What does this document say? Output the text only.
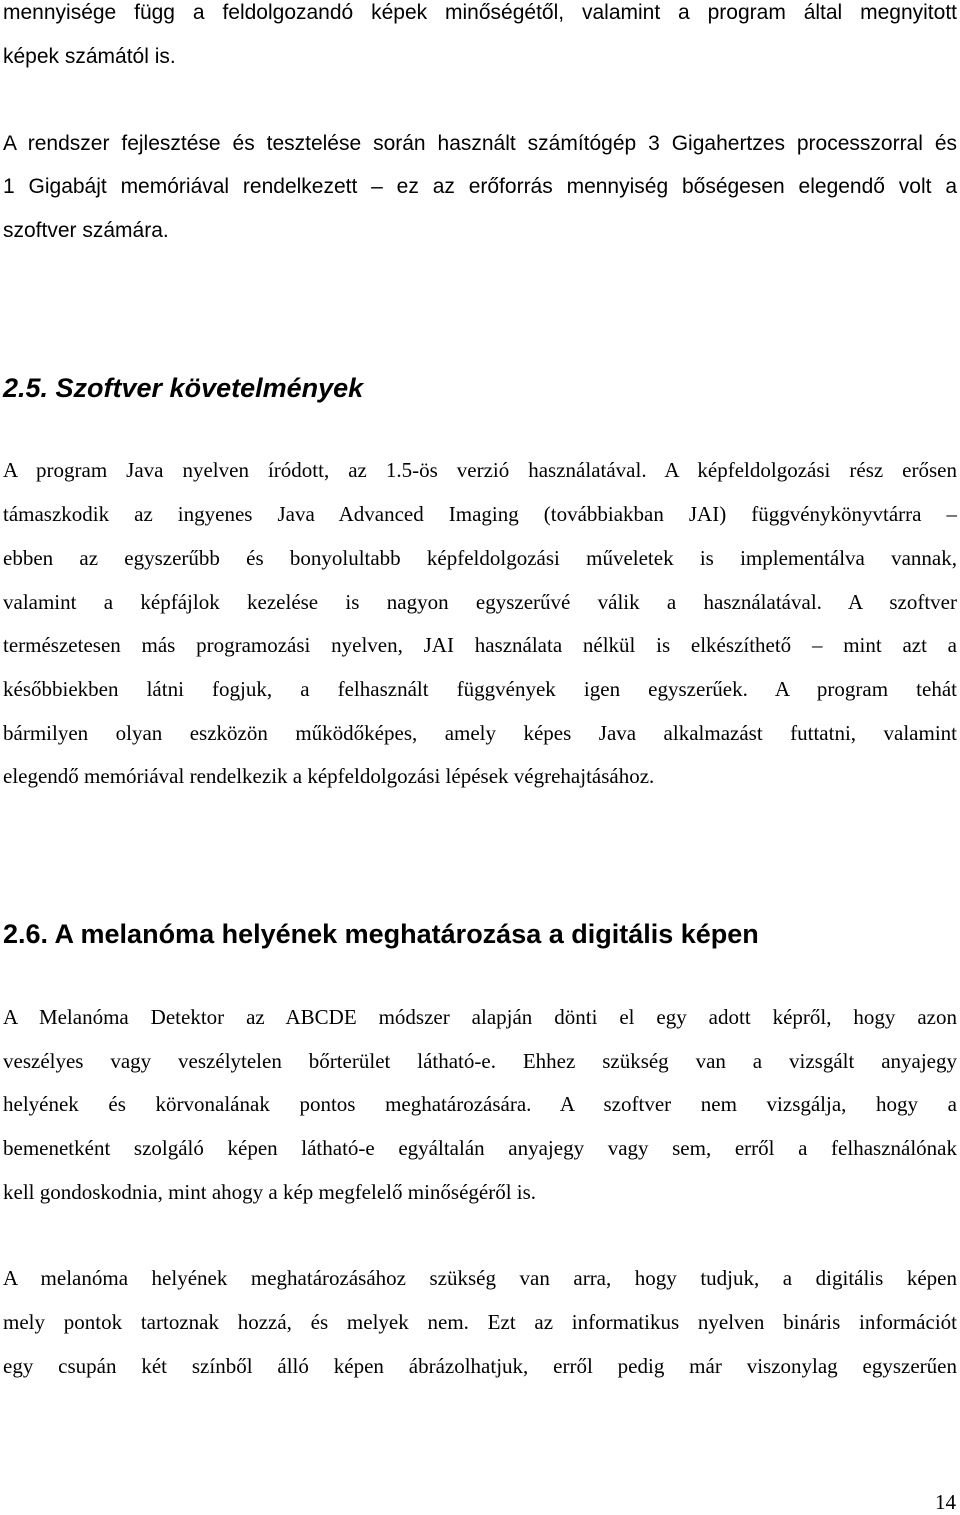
mennyisége függ a feldolgozandó képek minőségétől, valamint a program által megnyitott
képek számától is.
A rendszer fejlesztése és tesztelése során használt számítógép 3 Gigahertzes processzorral és
1 Gigabájt memóriával rendelkezett – ez az erőforrás mennyiség bőségesen elegendő volt a
szoftver számára.
2.5. Szoftver követelmények
A program Java nyelven íródott, az 1.5-ös verzió használatával. A képfeldolgozási rész erősen
támaszkodik az ingyenes Java Advanced Imaging (továbbiakban JAI) függvénykönyvtárra –
ebben az egyszerűbb és bonyolultabb képfeldolgozási műveletek is implementálva vannak,
valamint a képfájlok kezelése is nagyon egyszerűvé válik a használatával. A szoftver
természetesen más programozási nyelven, JAI használata nélkül is elkészíthető – mint azt a
későbbiekben látni fogjuk, a felhasznált függvények igen egyszerűek. A program tehát
bármilyen olyan eszközön működőképes, amely képes Java alkalmazást futtatni, valamint
elegendő memóriával rendelkezik a képfeldolgozási lépések végrehajtásához.
2.6. A melanóma helyének meghatározása a digitális képen
A Melanóma Detektor az ABCDE módszer alapján dönti el egy adott képről, hogy azon
veszélyes vagy veszélytelen bőrterület látható-e. Ehhez szükség van a vizsgált anyajegy
helyének és körvonalának pontos meghatározására. A szoftver nem vizsgálja, hogy a
bemenetként szolgáló képen látható-e egyáltalán anyajegy vagy sem, erről a felhasználónak
kell gondoskodnia, mint ahogy a kép megfelelő minőségéről is.
A melanóma helyének meghatározásához szükség van arra, hogy tudjuk, a digitális képen
mely pontok tartoznak hozzá, és melyek nem. Ezt az informatikus nyelven bináris információt
egy csupán két színből álló képen ábrázolhatjuk, erről pedig már viszonylag egyszerűen
14
